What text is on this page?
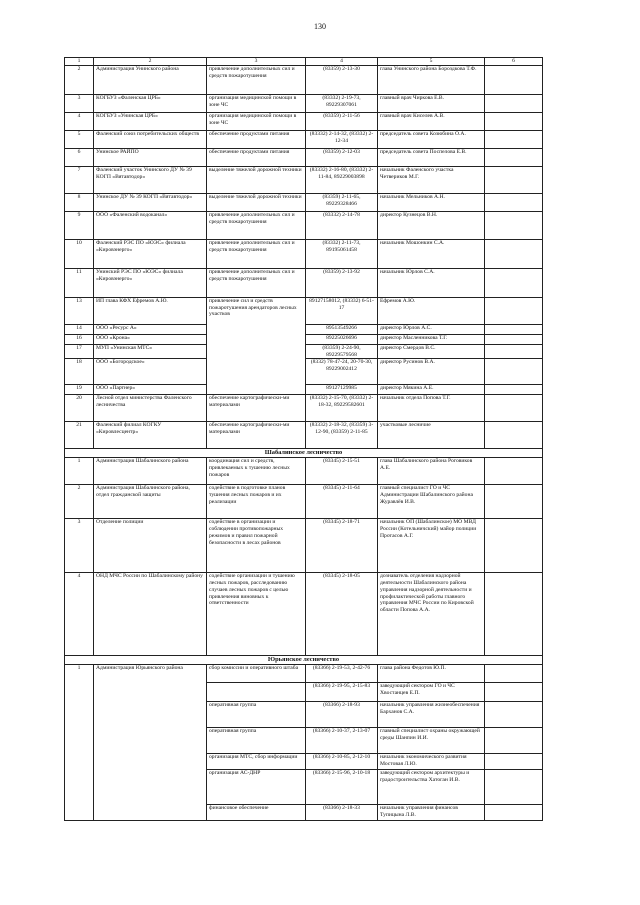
130
1	2	3	4	5	6
2	Администрация Унинского района	привлечение дополнительных сил и средств пожаротушения	(83359) 2-13-30	глава Унинского района Бороздкова Т.Ф.	
3	КОГБУЗ «Фаленская ЦРБ»	организация медицинской помощи в зоне ЧС	(83332) 2-19-73, 89229307061	главный врач Чиркова Е.В.	
4	КОГБУЗ «Унинская ЦРБ»	организация медицинской помощи в зоне ЧС	(83359) 2-11-56	главный врач Киселев А.В.	
5	Фаленский союз потребительских обществ	обеспечение продуктами питания	(83332) 2-14-32, (83332) 2-12-34	председатель совета Козюбина О.А.	
6	Унинское РАЙПО	обеспечение продуктами питания	(83359) 2-12-03	председатель совета Поспелова Е.В.	
7	Фаленский участок Унинского ДУ № 39 КОГП «Вятавтодор»	выделение тяжелой дорожной техники	(83332) 2-16-80, (83332) 2-11-84, 89229003898	начальник Фаленского участка Четвериков М.Г.	
8	Унинское ДУ № 39 КОГП «Вятавтодор»	выделение тяжелой дорожной техники	(83359) 2-11-65, 89229328466	начальник Мельников А.Н.	
9	ООО «Фаленский водоканал»	привлечение дополнительных сил и средств пожаротушения	(83332) 2-14-78	директор Кузнецов В.Н.	
10	Фаленский РЭС ПО «ЮЭС» филиала «Кировэнерго»	привлечение дополнительных сил и средств пожаротушения	(83332) 2-11-73, 89195061458	начальник Мошонкин С.А.	
11	Унинский РЭС ПО «ЮЭС» филиала «Кировэнерго»	привлечение дополнительных сил и средств пожаротушения	(83359) 2-13-92	начальник Юрлов С.А.	
13	ИП глава КФХ Ефремов А.Ю.	привлечение сил и средств пожаротушения арендаторов лесных участков	89127158012, (83332) 6-51-17	Ефремов А.Ю.	
14	ООО «Ресурс А»		89513549266	директор Юрлов А.С.	
16	ООО «Крона»		89225026696	директор Масленникова Т.Г.	
17	МУП «Унинская МТС»		(83359) 2-24-90, 89229579568	директор Смердов В.С.	
18	ООО «Богородское»		(8332) 78-47-24, 20-70-30, 89229002412	директор Русинов В.А.	
19	ООО «Партнер»		89127129985	директор Мякина А.Е.	
20	Лесной отдел министерства Фаленского лесничества	обеспечение картографически-ми материалами	(83332) 2-15-70, (83332) 2-18-32, 89229582601	начальник отдела Попова Т.Г.	
21	Фаленский филиал КОГКУ «Кировлесцентр»	обеспечение картографически-ми материалами	(83332) 2-18-32, (83359) 3-12-90, (83359) 2-11-85	участковые лесничие	
Шабалинское лесничество					
1	Администрация Шабалинского района	координация сил и средств, привлекаемых к тушению лесных пожаров	(83345) 2-15-51	глава Шабалинского района Роговиков А.Е.	
2	Администрация Шабалинского района, отдел гражданской защиты	содействие в подготовке планов тушения лесных пожаров и их реализации	(83345) 2-11-64	главный специалист ГО и ЧС Администрации Шабалинского района Журавлёв И.В.	
3	Отделение полиции	содействие в организации и соблюдении противопожарных режимов и правил пожарной безопасности в лесах районов	(83345) 2-18-71	начальник ОП (Шабалинское) МО МВД России (Котельничский) майор полиции Протасов А.Г.	
4	ОНД МЧС России по Шабалинскому району	содействие организации и тушению лесных пожаров, расследованию случаев лесных пожаров с целью привлечения виновных к ответственности	(83345) 2-18-05	дознаватель отделения надзорной деятельности Шабалинского района управления надзорной деятельности и профилактической работы главного управления МЧС России по Кировской области Попова А.А.	
Юрьянское лесничество					
1	Администрация Юрьянского района	сбор комиссии и оперативного штаба	(83366) 2-19-53, 2-42-76	глава района Федотов Ю.П.	
			(83366) 2-19-95, 2-15-83	заведующий сектором ГО и ЧС Хвостанцев Е.П.	
		оперативная группа	(83366) 2-18-93	начальник управления жизнеобеспечения Барханов С.А.	
		оперативная группа	(83366) 2-10-37, 2-13-07	главный специалист охраны окружающей среды Шанпин И.И.	
		организация МТС, сбор информации	(83366) 2-10-85, 2-12-10	начальник экономического развития Мостовая Л.Ю.	
		организация АС-ДНР	(83366) 2-15-96, 2-10-18	заведующий сектором архитектуры и градостроительства Хатоган И.В.	
		финансовое обеспечение	(83366) 2-18-33	начальник управления финансов Тупицына Л.В.	
